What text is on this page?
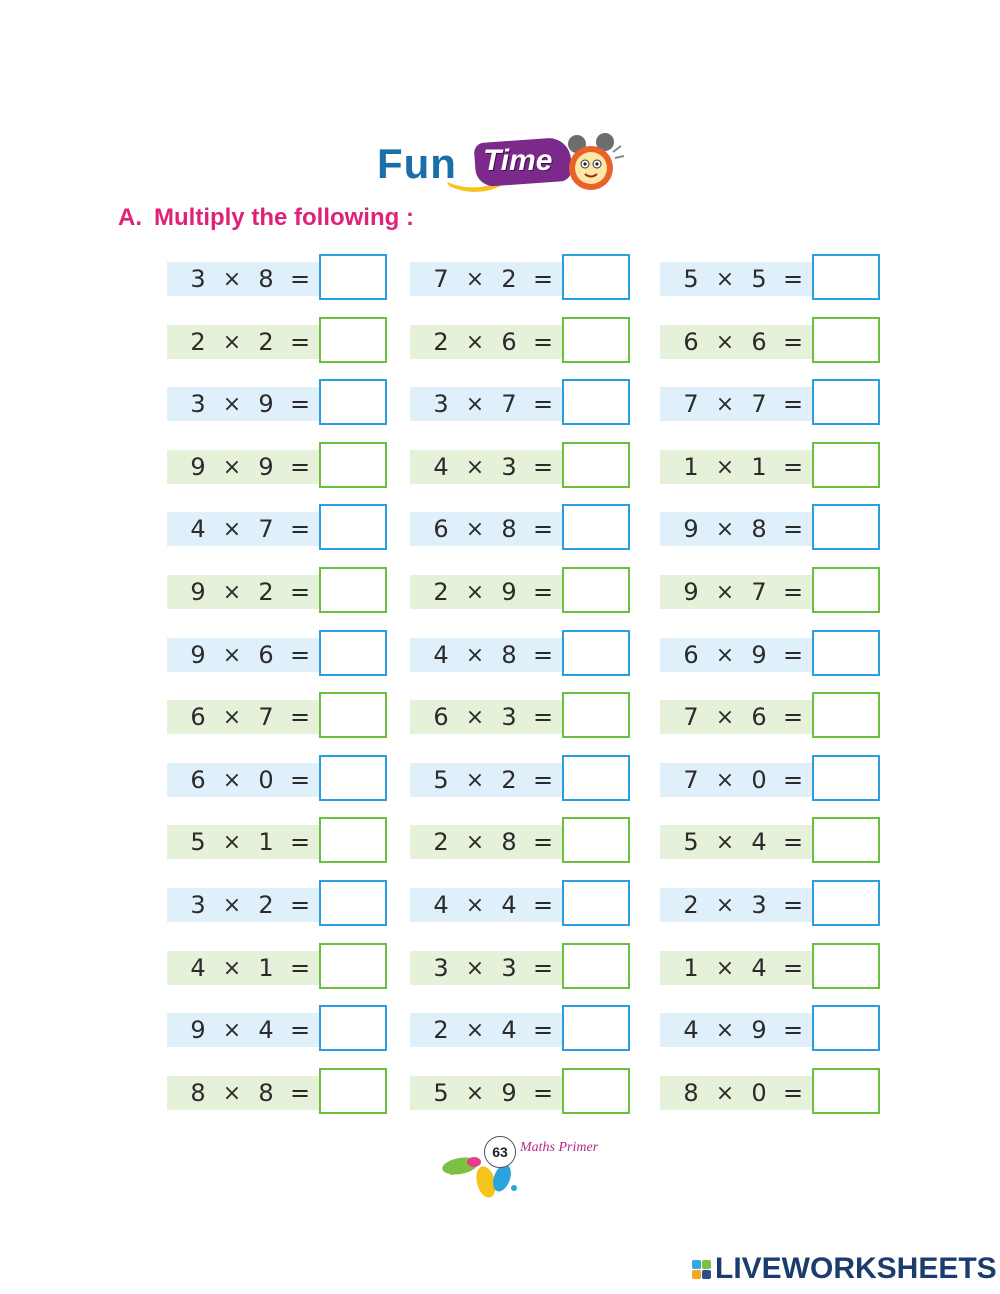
Fun Time
A. Multiply the following :
3 × 8 =
2 × 2 =
3 × 9 =
9 × 9 =
4 × 7 =
9 × 2 =
9 × 6 =
6 × 7 =
6 × 0 =
5 × 1 =
3 × 2 =
4 × 1 =
9 × 4 =
8 × 8 =
7 × 2 =
2 × 6 =
3 × 7 =
4 × 3 =
6 × 8 =
2 × 9 =
4 × 8 =
6 × 3 =
5 × 2 =
2 × 8 =
4 × 4 =
3 × 3 =
2 × 4 =
5 × 9 =
5 × 5 =
6 × 6 =
7 × 7 =
1 × 1 =
9 × 8 =
9 × 7 =
6 × 9 =
7 × 6 =
7 × 0 =
5 × 4 =
2 × 3 =
1 × 4 =
4 × 9 =
8 × 0 =
63 Maths Primer
LIVEWORKSHEETS
